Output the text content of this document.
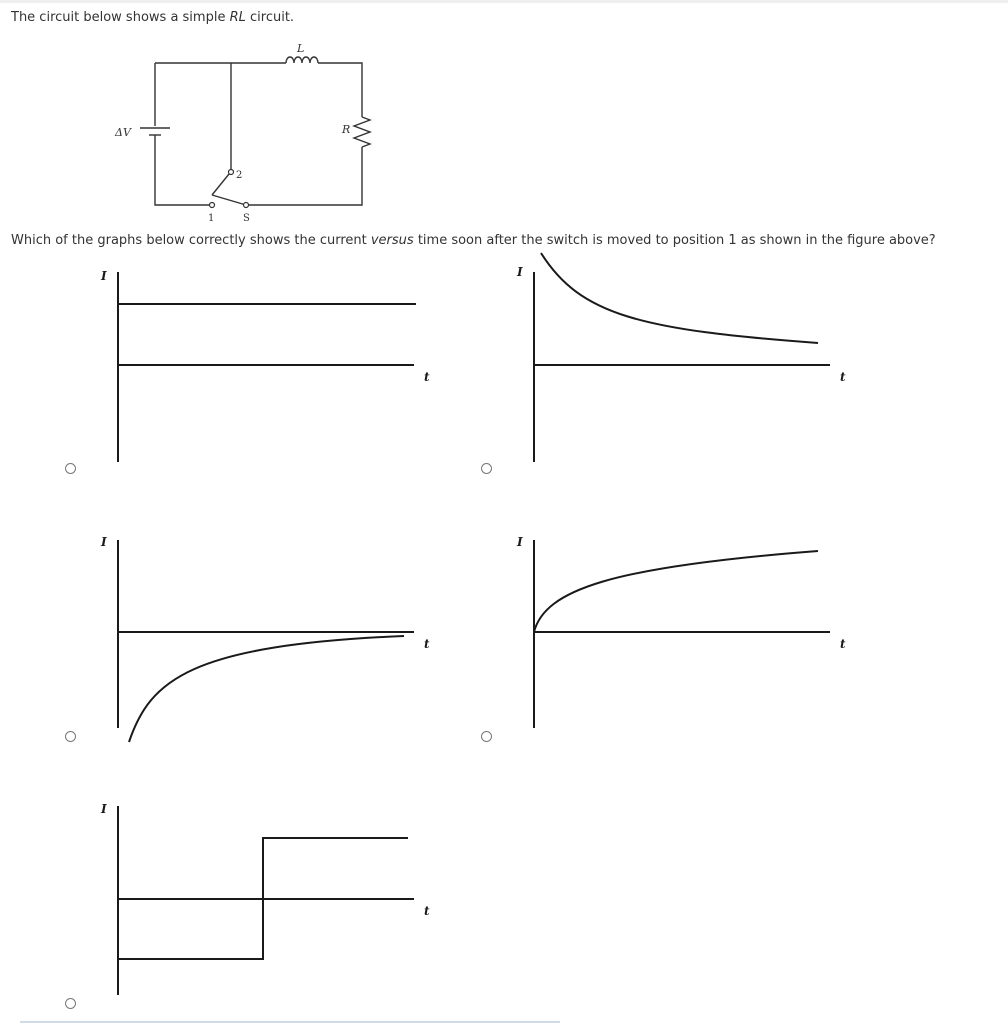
The circuit below shows a simple RL circuit.
L
R
ΔV
2
1	S
Which of the graphs below correctly shows the current versus time soon after the switch is moved to position 1 as shown in the figure above?
I
t
I
t
I
t
I
t
I
t
